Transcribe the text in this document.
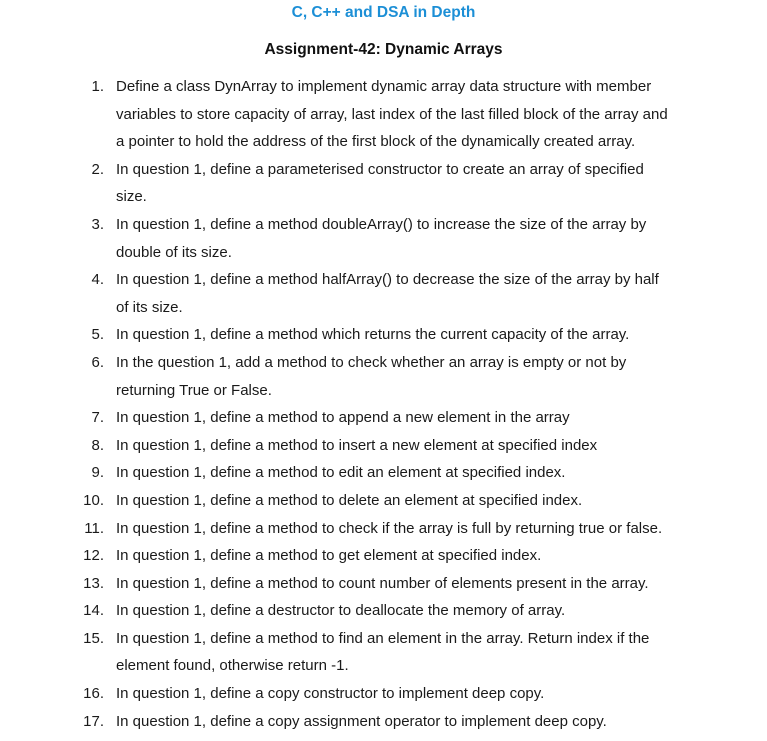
C, C++ and DSA in Depth
Assignment-42: Dynamic Arrays
1. Define a class DynArray to implement dynamic array data structure with member
variables to store capacity of array, last index of the last filled block of the array and
a pointer to hold the address of the first block of the dynamically created array.
2. In question 1, define a parameterised constructor to create an array of specified
size.
3. In question 1, define a method doubleArray() to increase the size of the array by
double of its size.
4. In question 1, define a method halfArray() to decrease the size of the array by half
of its size.
5. In question 1, define a method which returns the current capacity of the array.
6. In the question 1, add a method to check whether an array is empty or not by
returning True or False.
7. In question 1, define a method to append a new element in the array
8. In question 1, define a method to insert a new element at specified index
9. In question 1, define a method to edit an element at specified index.
10. In question 1, define a method to delete an element at specified index.
11. In question 1, define a method to check if the array is full by returning true or false.
12. In question 1, define a method to get element at specified index.
13. In question 1, define a method to count number of elements present in the array.
14. In question 1, define a destructor to deallocate the memory of array.
15. In question 1, define a method to find an element in the array. Return index if the
element found, otherwise return -1.
16. In question 1, define a copy constructor to implement deep copy.
17. In question 1, define a copy assignment operator to implement deep copy.
